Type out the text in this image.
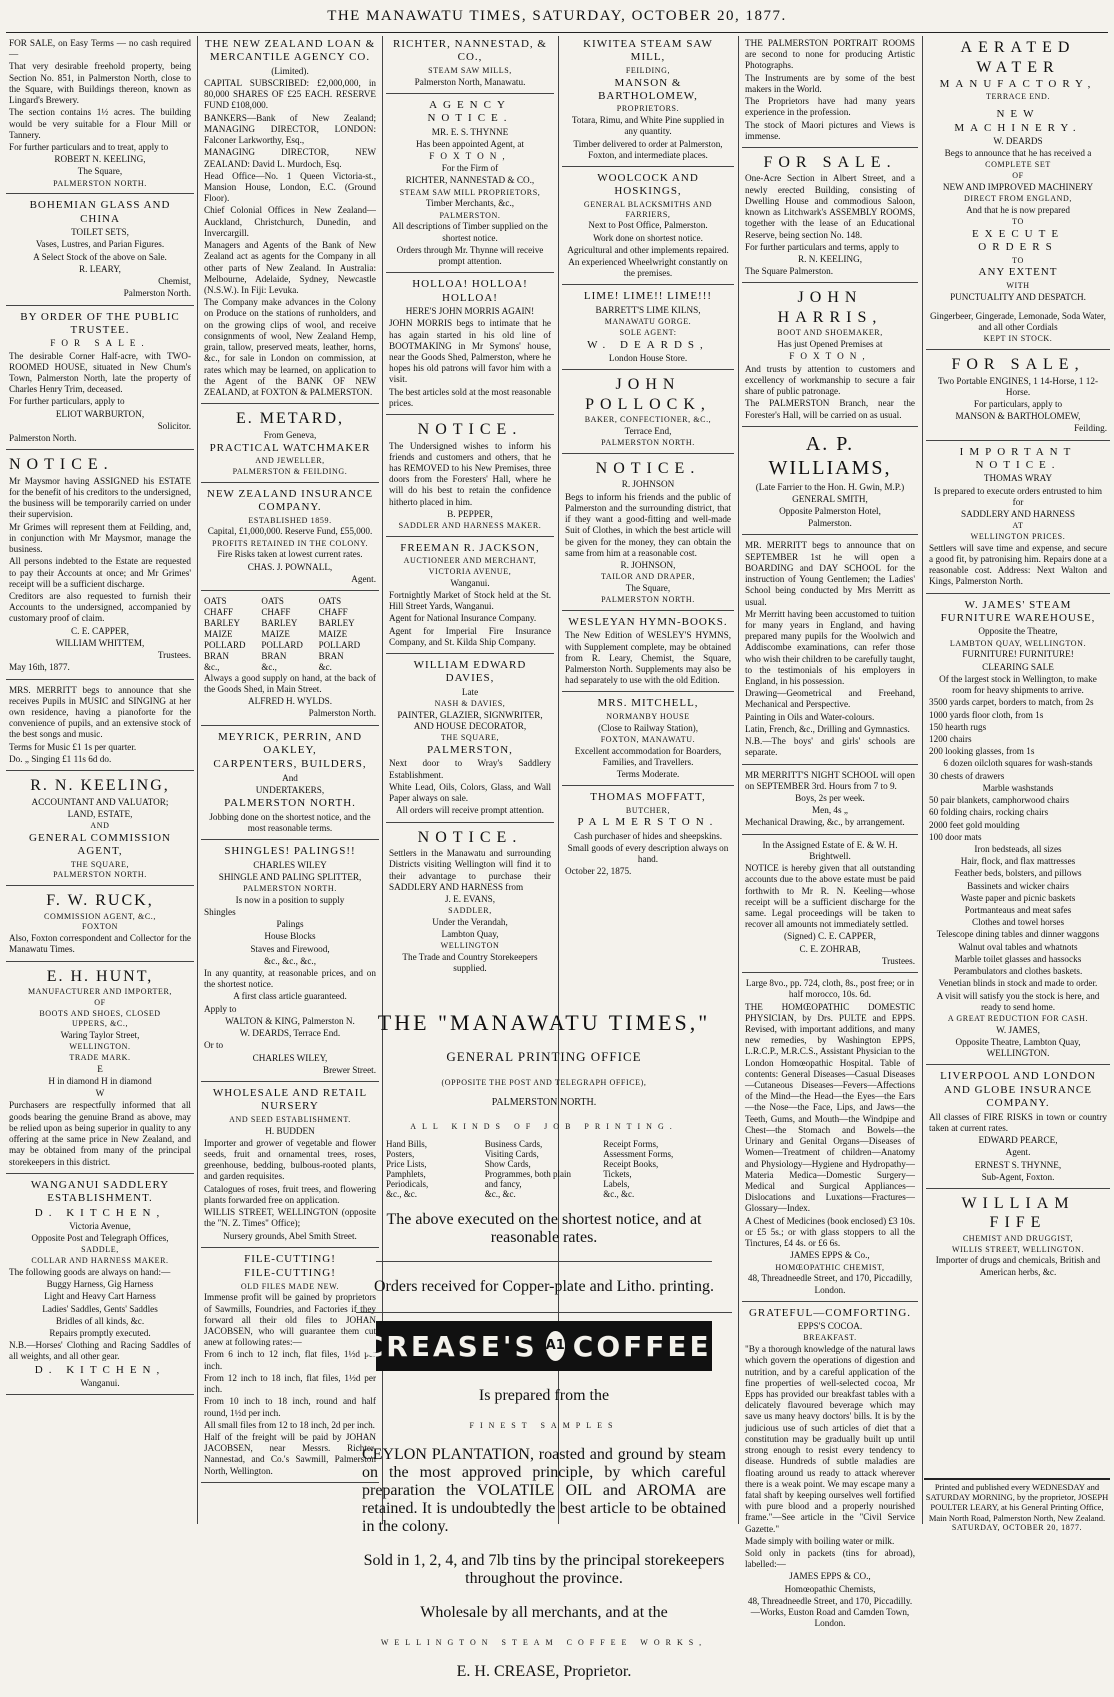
THE MANAWATU TIMES, SATURDAY, OCTOBER 20, 1877.

FOR SALE, on Easy Terms — no cash required—

That very desirable freehold property, being Section No. 851, in Palmerston North, close to the Square, with Buildings thereon, known as Lingard's Brewery.

The section contains 1½ acres. The building would be very suitable for a Flour Mill or Tannery.

For further particulars and to treat, apply to

ROBERT N. KEELING,

The Square,

PALMERSTON NORTH.

BOHEMIAN GLASS AND CHINA

TOILET SETS,

Vases, Lustres, and Parian Figures.

A Select Stock of the above on Sale.

R. LEARY,

Chemist,

Palmerston North.

BY ORDER OF THE PUBLIC TRUSTEE.

FOR SALE.

The desirable Corner Half-acre, with TWO-ROOMED HOUSE, situated in New Chum's Town, Palmerston North, late the property of Charles Henry Trim, deceased.

For further particulars, apply to

ELIOT WARBURTON,

Solicitor.

Palmerston North.

NOTICE.

Mr Maysmor having ASSIGNED his ESTATE for the benefit of his creditors to the undersigned, the business will be temporarily carried on under their supervision.

Mr Grimes will represent them at Feilding, and, in conjunction with Mr Maysmor, manage the business.

All persons indebted to the Estate are requested to pay their Accounts at once; and Mr Grimes' receipt will be a sufficient discharge.

Creditors are also requested to furnish their Accounts to the undersigned, accompanied by customary proof of claim.

C. E. CAPPER,

WILLIAM WHITTEM,

Trustees.

May 16th, 1877.

MRS. MERRITT begs to announce that she receives Pupils in MUSIC and SINGING at her own residence, having a pianoforte for the convenience of pupils, and an extensive stock of the best songs and music.

Terms for Music £1 1s per quarter.

Do. „ Singing £1 11s 6d do.

R. N. KEELING,

ACCOUNTANT AND VALUATOR;

LAND, ESTATE,

AND

GENERAL COMMISSION AGENT,

THE SQUARE,

PALMERSTON NORTH.

F. W. RUCK,

COMMISSION AGENT, &C.,

FOXTON

Also, Foxton correspondent and Collector for the Manawatu Times.

E. H. HUNT,

MANUFACTURER AND IMPORTER,

OF

BOOTS AND SHOES, CLOSED

UPPERS, &C.,

Waring Taylor Street,

WELLINGTON.

TRADE MARK.

E

H in diamond H in diamond

W

Purchasers are respectfully informed that all goods bearing the genuine Brand as above, may be relied upon as being superior in quality to any offering at the same price in New Zealand, and may be obtained from many of the principal storekeepers in this district.

WANGANUI SADDLERY ESTABLISHMENT.

D. KITCHEN,

Victoria Avenue,

Opposite Post and Telegraph Offices,

SADDLE,

COLLAR AND HARNESS MAKER.

The following goods are always on hand:—

Buggy Harness, Gig Harness

Light and Heavy Cart Harness

Ladies' Saddles, Gents' Saddles

Bridles of all kinds, &c.

Repairs promptly executed.

N.B.—Horses' Clothing and Racing Saddles of all weights, and all other gear.

D. KITCHEN,

Wanganui.

THE NEW ZEALAND LOAN & MERCANTILE AGENCY CO.

(Limited).

CAPITAL SUBSCRIBED: £2,000,000, in 80,000 SHARES OF £25 EACH. RESERVE FUND £108,000.

BANKERS—Bank of New Zealand; MANAGING DIRECTOR, LONDON: Falconer Larkworthy, Esq.,

MANAGING DIRECTOR, NEW ZEALAND: David L. Murdoch, Esq.

Head Office—No. 1 Queen Victoria-st., Mansion House, London, E.C. (Ground Floor).

Chief Colonial Offices in New Zealand—Auckland, Christchurch, Dunedin, and Invercargill.

Managers and Agents of the Bank of New Zealand act as agents for the Company in all other parts of New Zealand. In Australia: Melbourne, Adelaide, Sydney, Newcastle (N.S.W.). In Fiji: Levuka.

The Company make advances in the Colony on Produce on the stations of runholders, and on the growing clips of wool, and receive consignments of wool, New Zealand Hemp, grain, tallow, preserved meats, leather, horns, &c., for sale in London on commission, at rates which may be learned, on application to the Agent of the BANK OF NEW ZEALAND, at FOXTON & PALMERSTON.

E. METARD,

From Geneva,

PRACTICAL WATCHMAKER

AND JEWELLER,

PALMERSTON & FEILDING.

NEW ZEALAND INSURANCE COMPANY.

ESTABLISHED 1859.

Capital, £1,000,000. Reserve Fund, £55,000.

PROFITS RETAINED IN THE COLONY.

Fire Risks taken at lowest current rates.

CHAS. J. POWNALL,

Agent.

OATS	OATS	OATS
CHAFF	CHAFF	CHAFF
BARLEY	BARLEY	BARLEY
MAIZE	MAIZE	MAIZE
POLLARD	POLLARD	POLLARD
BRAN	BRAN	BRAN
&c.,	&c.,	&c.

Always a good supply on hand, at the back of the Goods Shed, in Main Street.

ALFRED H. WYLDS.

Palmerston North.

MEYRICK, PERRIN, AND OAKLEY,

CARPENTERS, BUILDERS,

And

UNDERTAKERS,

PALMERSTON NORTH.

Jobbing done on the shortest notice, and the most reasonable terms.

SHINGLES! PALINGS!!

CHARLES WILEY

SHINGLE AND PALING SPLITTER,

PALMERSTON NORTH.

Is now in a position to supply

Shingles

Palings

House Blocks

Staves and Firewood,

&c., &c., &c.,

In any quantity, at reasonable prices, and on the shortest notice.

A first class article guaranteed.

Apply to

WALTON & KING, Palmerston N.

W. DEARDS, Terrace End.

Or to

CHARLES WILEY,

Brewer Street.

WHOLESALE AND RETAIL NURSERY

AND SEED ESTABLISHMENT.

H. BUDDEN

Importer and grower of vegetable and flower seeds, fruit and ornamental trees, roses, greenhouse, bedding, bulbous-rooted plants, and garden requisites.

Catalogues of roses, fruit trees, and flowering plants forwarded free on application.

WILLIS STREET, WELLINGTON (opposite the "N. Z. Times" Office);

Nursery grounds, Abel Smith Street.

FILE-CUTTING!

FILE-CUTTING!

OLD FILES MADE NEW.

Immense profit will be gained by proprietors of Sawmills, Foundries, and Factories if they forward all their old files to JOHAN JACOBSEN, who will guarantee them cut anew at following rates:—

From 6 inch to 12 inch, flat files, 1½d per inch.

From 12 inch to 18 inch, flat files, 1½d per inch.

From 10 inch to 18 inch, round and half round, 1½d per inch.

All small files from 12 to 18 inch, 2d per inch.

Half of the freight will be paid by JOHAN JACOBSEN, near Messrs. Richter, Nannestad, and Co.'s Sawmill, Palmerston North, Wellington.

RICHTER, NANNESTAD, & CO.,

STEAM SAW MILLS,

Palmerston North, Manawatu.

AGENCY NOTICE.

MR. E. S. THYNNE

Has been appointed Agent, at

FOXTON,

For the Firm of

RICHTER, NANNESTAD & CO.,

STEAM SAW MILL PROPRIETORS,

Timber Merchants, &c.,

PALMERSTON.

All descriptions of Timber supplied on the shortest notice.

Orders through Mr. Thynne will receive prompt attention.

HOLLOA! HOLLOA! HOLLOA!

HERE'S JOHN MORRIS AGAIN!

JOHN MORRIS begs to intimate that he has again started in his old line of BOOTMAKING in Mr Symons' house, near the Goods Shed, Palmerston, where he hopes his old patrons will favor him with a visit.

The best articles sold at the most reasonable prices.

NOTICE.

The Undersigned wishes to inform his friends and customers and others, that he has REMOVED to his New Premises, three doors from the Foresters' Hall, where he will do his best to retain the confidence hitherto placed in him.

B. PEPPER,

SADDLER AND HARNESS MAKER.

FREEMAN R. JACKSON,

AUCTIONEER AND MERCHANT,

VICTORIA AVENUE,

Wanganui.

Fortnightly Market of Stock held at the St. Hill Street Yards, Wanganui.

Agent for National Insurance Company.

Agent for Imperial Fire Insurance Company, and St. Kilda Ship Company.

WILLIAM EDWARD DAVIES,

Late

NASH & DAVIES,

PAINTER, GLAZIER, SIGNWRITER, AND HOUSE DECORATOR,

THE SQUARE,

PALMERSTON,

Next door to Wray's Saddlery Establishment.

White Lead, Oils, Colors, Glass, and Wall Paper always on sale.

All orders will receive prompt attention.

NOTICE.

Settlers in the Manawatu and surrounding Districts visiting Wellington will find it to their advantage to purchase their SADDLERY AND HARNESS from

J. E. EVANS,

SADDLER,

Under the Verandah,

Lambton Quay,

WELLINGTON

The Trade and Country Storekeepers supplied.

KIWITEA STEAM SAW MILL,

FEILDING,

MANSON & BARTHOLOMEW,

PROPRIETORS.

Totara, Rimu, and White Pine supplied in any quantity.

Timber delivered to order at Palmerston, Foxton, and intermediate places.

WOOLCOCK AND HOSKINGS,

GENERAL BLACKSMITHS AND FARRIERS,

Next to Post Office, Palmerston.

Work done on shortest notice.

Agricultural and other implements repaired.

An experienced Wheelwright constantly on the premises.

LIME! LIME!! LIME!!!

BARRETT'S LIME KILNS,

MANAWATU GORGE.

SOLE AGENT:

W. DEARDS,

London House Store.

JOHN POLLOCK,

BAKER, CONFECTIONER, &C.,

Terrace End,

PALMERSTON NORTH.

NOTICE.

R. JOHNSON

Begs to inform his friends and the public of Palmerston and the surrounding district, that if they want a good-fitting and well-made Suit of Clothes, in which the best article will be given for the money, they can obtain the same from him at a reasonable cost.

R. JOHNSON,

TAILOR AND DRAPER,

The Square,

PALMERSTON NORTH.

WESLEYAN HYMN-BOOKS.

The New Edition of WESLEY'S HYMNS, with Supplement complete, may be obtained from R. Leary, Chemist, the Square, Palmerston North. Supplements may also be had separately to use with the old Edition.

MRS. MITCHELL,

NORMANBY HOUSE

(Close to Railway Station),

FOXTON, MANAWATU.

Excellent accommodation for Boarders, Families, and Travellers.

Terms Moderate.

THOMAS MOFFATT,

BUTCHER,

PALMERSTON.

Cash purchaser of hides and sheepskins.

Small goods of every description always on hand.

October 22, 1875.

THE "MANAWATU TIMES,"

GENERAL PRINTING OFFICE

(OPPOSITE THE POST AND TELEGRAPH OFFICE),

PALMERSTON NORTH.

ALL KINDS OF JOB PRINTING.

Hand Bills,	Business Cards,	Receipt Forms,
Posters,	Visiting Cards,	Assessment Forms,
Price Lists,	Show Cards,	Receipt Books,
Pamphlets,	Programmes, both plain	Tickets,
Periodicals,	and fancy,	Labels,
&c., &c.	&c., &c.	&c., &c.

The above executed on the shortest notice, and at reasonable rates.

Orders received for Copper-plate and Litho. printing.

CREASE'S A1 COFFEE.

Is prepared from the

FINEST SAMPLES

CEYLON PLANTATION, roasted and ground by steam on the most approved principle, by which careful preparation the VOLATILE OIL and AROMA are retained. It is undoubtedly the best article to be obtained in the colony.

Sold in 1, 2, 4, and 7lb tins by the principal storekeepers throughout the province.

Wholesale by all merchants, and at the

WELLINGTON STEAM COFFEE WORKS,

E. H. CREASE, Proprietor.

THE PALMERSTON PORTRAIT ROOMS are second to none for producing Artistic Photographs.

The Instruments are by some of the best makers in the World.

The Proprietors have had many years experience in the profession.

The stock of Maori pictures and Views is immense.

FOR SALE.

One-Acre Section in Albert Street, and a newly erected Building, consisting of Dwelling House and commodious Saloon, known as Litchwark's ASSEMBLY ROOMS, together with the lease of an Educational Reserve, being section No. 148.

For further particulars and terms, apply to

R. N. KEELING,

The Square Palmerston.

JOHN HARRIS,

BOOT AND SHOEMAKER,

Has just Opened Premises at

FOXTON,

And trusts by attention to customers and excellency of workmanship to secure a fair share of public patronage.

The PALMERSTON Branch, near the Forester's Hall, will be carried on as usual.

A. P. WILLIAMS,

(Late Farrier to the Hon. H. Gwin, M.P.)

GENERAL SMITH,

Opposite Palmerston Hotel,

Palmerston.

MR. MERRITT begs to announce that on SEPTEMBER 1st he will open a BOARDING and DAY SCHOOL for the instruction of Young Gentlemen; the Ladies' School being conducted by Mrs Merritt as usual.

Mr Merritt having been accustomed to tuition for many years in England, and having prepared many pupils for the Woolwich and Addiscombe examinations, can refer those who wish their children to be carefully taught, to the testimonials of his employers in England, in his possession.

Drawing—Geometrical and Freehand, Mechanical and Perspective.

Painting in Oils and Water-colours.

Latin, French, &c., Drilling and Gymnastics.

N.B.—The boys' and girls' schools are separate.

MR MERRITT'S NIGHT SCHOOL will open on SEPTEMBER 3rd. Hours from 7 to 9.

Boys, 2s per week.

Men, 4s „

Mechanical Drawing, &c., by arrangement.

In the Assigned Estate of E. & W. H. Brightwell.

NOTICE is hereby given that all outstanding accounts due to the above estate must be paid forthwith to Mr R. N. Keeling—whose receipt will be a sufficient discharge for the same. Legal proceedings will be taken to recover all amounts not immediately settled.

(Signed) C. E. CAPPER,

C. E. ZOHRAB,

Trustees.

Large 8vo., pp. 724, cloth, 8s., post free; or in half morocco, 10s. 6d.

THE HOMŒOPATHIC DOMESTIC PHYSICIAN, by Drs. PULTE and EPPS. Revised, with important additions, and many new remedies, by Washington EPPS, L.R.C.P., M.R.C.S., Assistant Physician to the London Homœopathic Hospital. Table of contents: General Diseases—Casual Diseases—Cutaneous Diseases—Fevers—Affections of the Mind—the Head—the Eyes—the Ears—the Nose—the Face, Lips, and Jaws—the Teeth, Gums, and Mouth—the Windpipe and Chest—the Stomach and Bowels—the Urinary and Genital Organs—Diseases of Women—Treatment of children—Anatomy and Physiology—Hygiene and Hydropathy—Materia Medica—Domestic Surgery—Medical and Surgical Appliances—Dislocations and Luxations—Fractures—Glossary—Index.

A Chest of Medicines (book enclosed) £3 10s. or £5 5s.; or with glass stoppers to all the Tinctures, £4 4s. or £6 6s.

JAMES EPPS & Co.,

HOMŒOPATHIC CHEMIST,

48, Threadneedle Street, and 170, Piccadilly, London.

GRATEFUL—COMFORTING.

EPPS'S COCOA.

BREAKFAST.

"By a thorough knowledge of the natural laws which govern the operations of digestion and nutrition, and by a careful application of the fine properties of well-selected cocoa, Mr Epps has provided our breakfast tables with a delicately flavoured beverage which may save us many heavy doctors' bills. It is by the judicious use of such articles of diet that a constitution may be gradually built up until strong enough to resist every tendency to disease. Hundreds of subtle maladies are floating around us ready to attack wherever there is a weak point. We may escape many a fatal shaft by keeping ourselves well fortified with pure blood and a properly nourished frame."—See article in the "Civil Service Gazette."

Made simply with boiling water or milk.

Sold only in packets (tins for abroad), labelled:—

JAMES EPPS & CO.,

Homœopathic Chemists,

48, Threadneedle Street, and 170, Piccadilly.—Works, Euston Road and Camden Town, London.

AERATED WATER

MANUFACTORY,

TERRACE END.

NEW MACHINERY.

W. DEARDS

Begs to announce that he has received a

COMPLETE SET

OF

NEW AND IMPROVED MACHINERY

DIRECT FROM ENGLAND,

And that he is now prepared

TO

EXECUTE ORDERS

TO

ANY EXTENT

WITH

PUNCTUALITY AND DESPATCH.

Gingerbeer, Gingerade, Lemonade, Soda Water, and all other Cordials

KEPT IN STOCK.

FOR SALE,

Two Portable ENGINES, 1 14-Horse, 1 12-Horse.

For particulars, apply to

MANSON & BARTHOLOMEW,

Feilding.

IMPORTANT NOTICE.

THOMAS WRAY

Is prepared to execute orders entrusted to him for

SADDLERY AND HARNESS

AT

WELLINGTON PRICES.

Settlers will save time and expense, and secure a good fit, by patronising him. Repairs done at a reasonable cost. Address: Next Walton and Kings, Palmerston North.

W. JAMES' STEAM FURNITURE WAREHOUSE,

Opposite the Theatre,

LAMBTON QUAY, WELLINGTON.

FURNITURE! FURNITURE!

CLEARING SALE

Of the largest stock in Wellington, to make room for heavy shipments to arrive.

3500 yards carpet, borders to match, from 2s

1000 yards floor cloth, from 1s

150 hearth rugs

1200 chairs

200 looking glasses, from 1s

6 dozen oilcloth squares for wash-stands

30 chests of drawers

Marble washstands

50 pair blankets, camphorwood chairs

60 folding chairs, rocking chairs

2000 feet gold moulding

100 door mats

Iron bedsteads, all sizes

Hair, flock, and flax mattresses

Feather beds, bolsters, and pillows

Bassinets and wicker chairs

Waste paper and picnic baskets

Portmanteaus and meat safes

Clothes and towel horses

Telescope dining tables and dinner waggons

Walnut oval tables and whatnots

Marble toilet glasses and hassocks

Perambulators and clothes baskets.

Venetian blinds in stock and made to order.

A visit will satisfy you the stock is here, and ready to send home.

A GREAT REDUCTION FOR CASH.

W. JAMES,

Opposite Theatre, Lambton Quay, WELLINGTON.

LIVERPOOL AND LONDON AND GLOBE INSURANCE COMPANY.

All classes of FIRE RISKS in town or country taken at current rates.

EDWARD PEARCE,

Agent.

ERNEST S. THYNNE,

Sub-Agent, Foxton.

WILLIAM FIFE

CHEMIST AND DRUGGIST,

WILLIS STREET, WELLINGTON.

Importer of drugs and chemicals, British and American herbs, &c.

Printed and published every WEDNESDAY and SATURDAY MORNING, by the proprietor, JOSEPH POULTER LEARY, at his General Printing Office, Main North Road, Palmerston North, New Zealand.

SATURDAY, OCTOBER 20, 1877.
